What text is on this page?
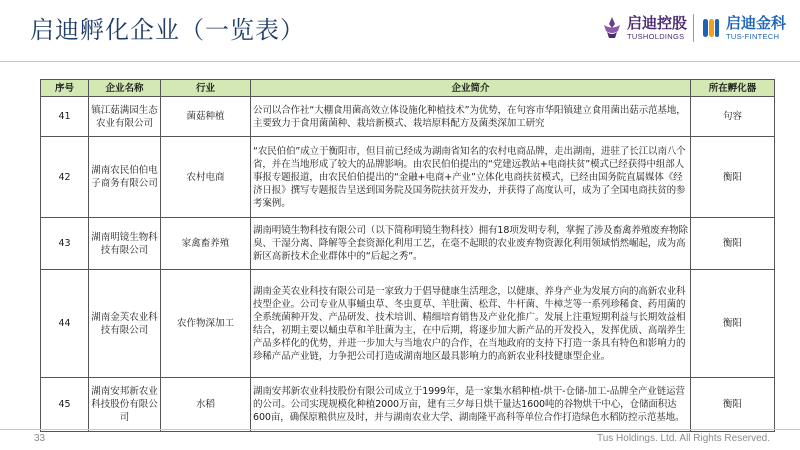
启迪孵化企业（一览表）	启迪控股
TUSHOLDINGS
启迪金科
TUS-FINTECH
序号	企业名称	行业	企业简介	所在孵化器
41	镇江菇满园生态农业有限公司	菌菇种植	公司以合作社“大棚食用菌高效立体设施化种植技术”为优势，在句容市华阳镇建立食用菌出菇示范基地，主要致力于食用菌菌种、栽培新模式、栽培原料配方及菌类深加工研究	句容
42	湖南农民伯伯电子商务有限公司	农村电商	“农民伯伯”成立于衡阳市，但目前已经成为湖南省知名的农村电商品牌，走出湖南，进驻了长江以南八个省，并在当地形成了较大的品牌影响。由农民伯伯提出的“党建远教站+电商扶贫”模式已经获得中组部人事报专题报道，由农民伯伯提出的“金融+电商+产业”立体化电商扶贫模式，已经由国务院直属媒体《经济日报》撰写专题报告呈送到国务院及国务院扶贫开发办，并获得了高度认可，成为了全国电商扶贫的参考案例。	衡阳
43	湖南明镜生物科技有限公司	家禽畜养殖	湖南明镜生物科技有限公司（以下简称明镜生物科技）拥有18项发明专利，掌握了涉及畜禽养殖废弃物除臭、干湿分离、降解等全套资源化利用工艺，在毫不起眼的农业废弃物资源化利用领域悄然崛起，成为高新区高新技术企业群体中的“后起之秀”。	衡阳
44	湖南金芙农业科技有限公司	农作物深加工	湖南金芙农业科技有限公司是一家致力于倡导健康生活理念，以健康、养身产业为发展方向的高新农业科技型企业。公司专业从事蛹虫草、冬虫夏草、羊肚菌、松茸、牛杆菌、牛樟芝等一系列珍稀食、药用菌的全系统菌种开发、产品研发、技术培训、精细培育销售及产业化推广。发展上注重短期利益与长期效益相结合，初期主要以蛹虫草和羊肚菌为主，在中后期，将逐步加大新产品的开发投入，发挥优质、高端养生产品多样化的优势，并进一步加大与当地农户的合作，在当地政府的支持下打造一条具有特色和影响力的珍稀产品产业链，力争把公司打造成湖南地区最具影响力的高新农业科技健康型企业。	衡阳
45	湖南安邦新农业科技股份有限公司	水稻	湖南安邦新农业科技股份有限公司成立于1999年，是一家集水稻种植-烘干-仓储-加工-品牌全产业链运营的公司。公司实现规模化种植2000万亩，建有三夕每日烘干量达1600吨的谷物烘干中心，仓储面积达600亩，确保原粮供应及时，并与湖南农业大学、湖南隆平高科等单位合作打造绿色水稻防控示范基地。	衡阳
33	Tus Holdings. Ltd. All Rights Reserved.
